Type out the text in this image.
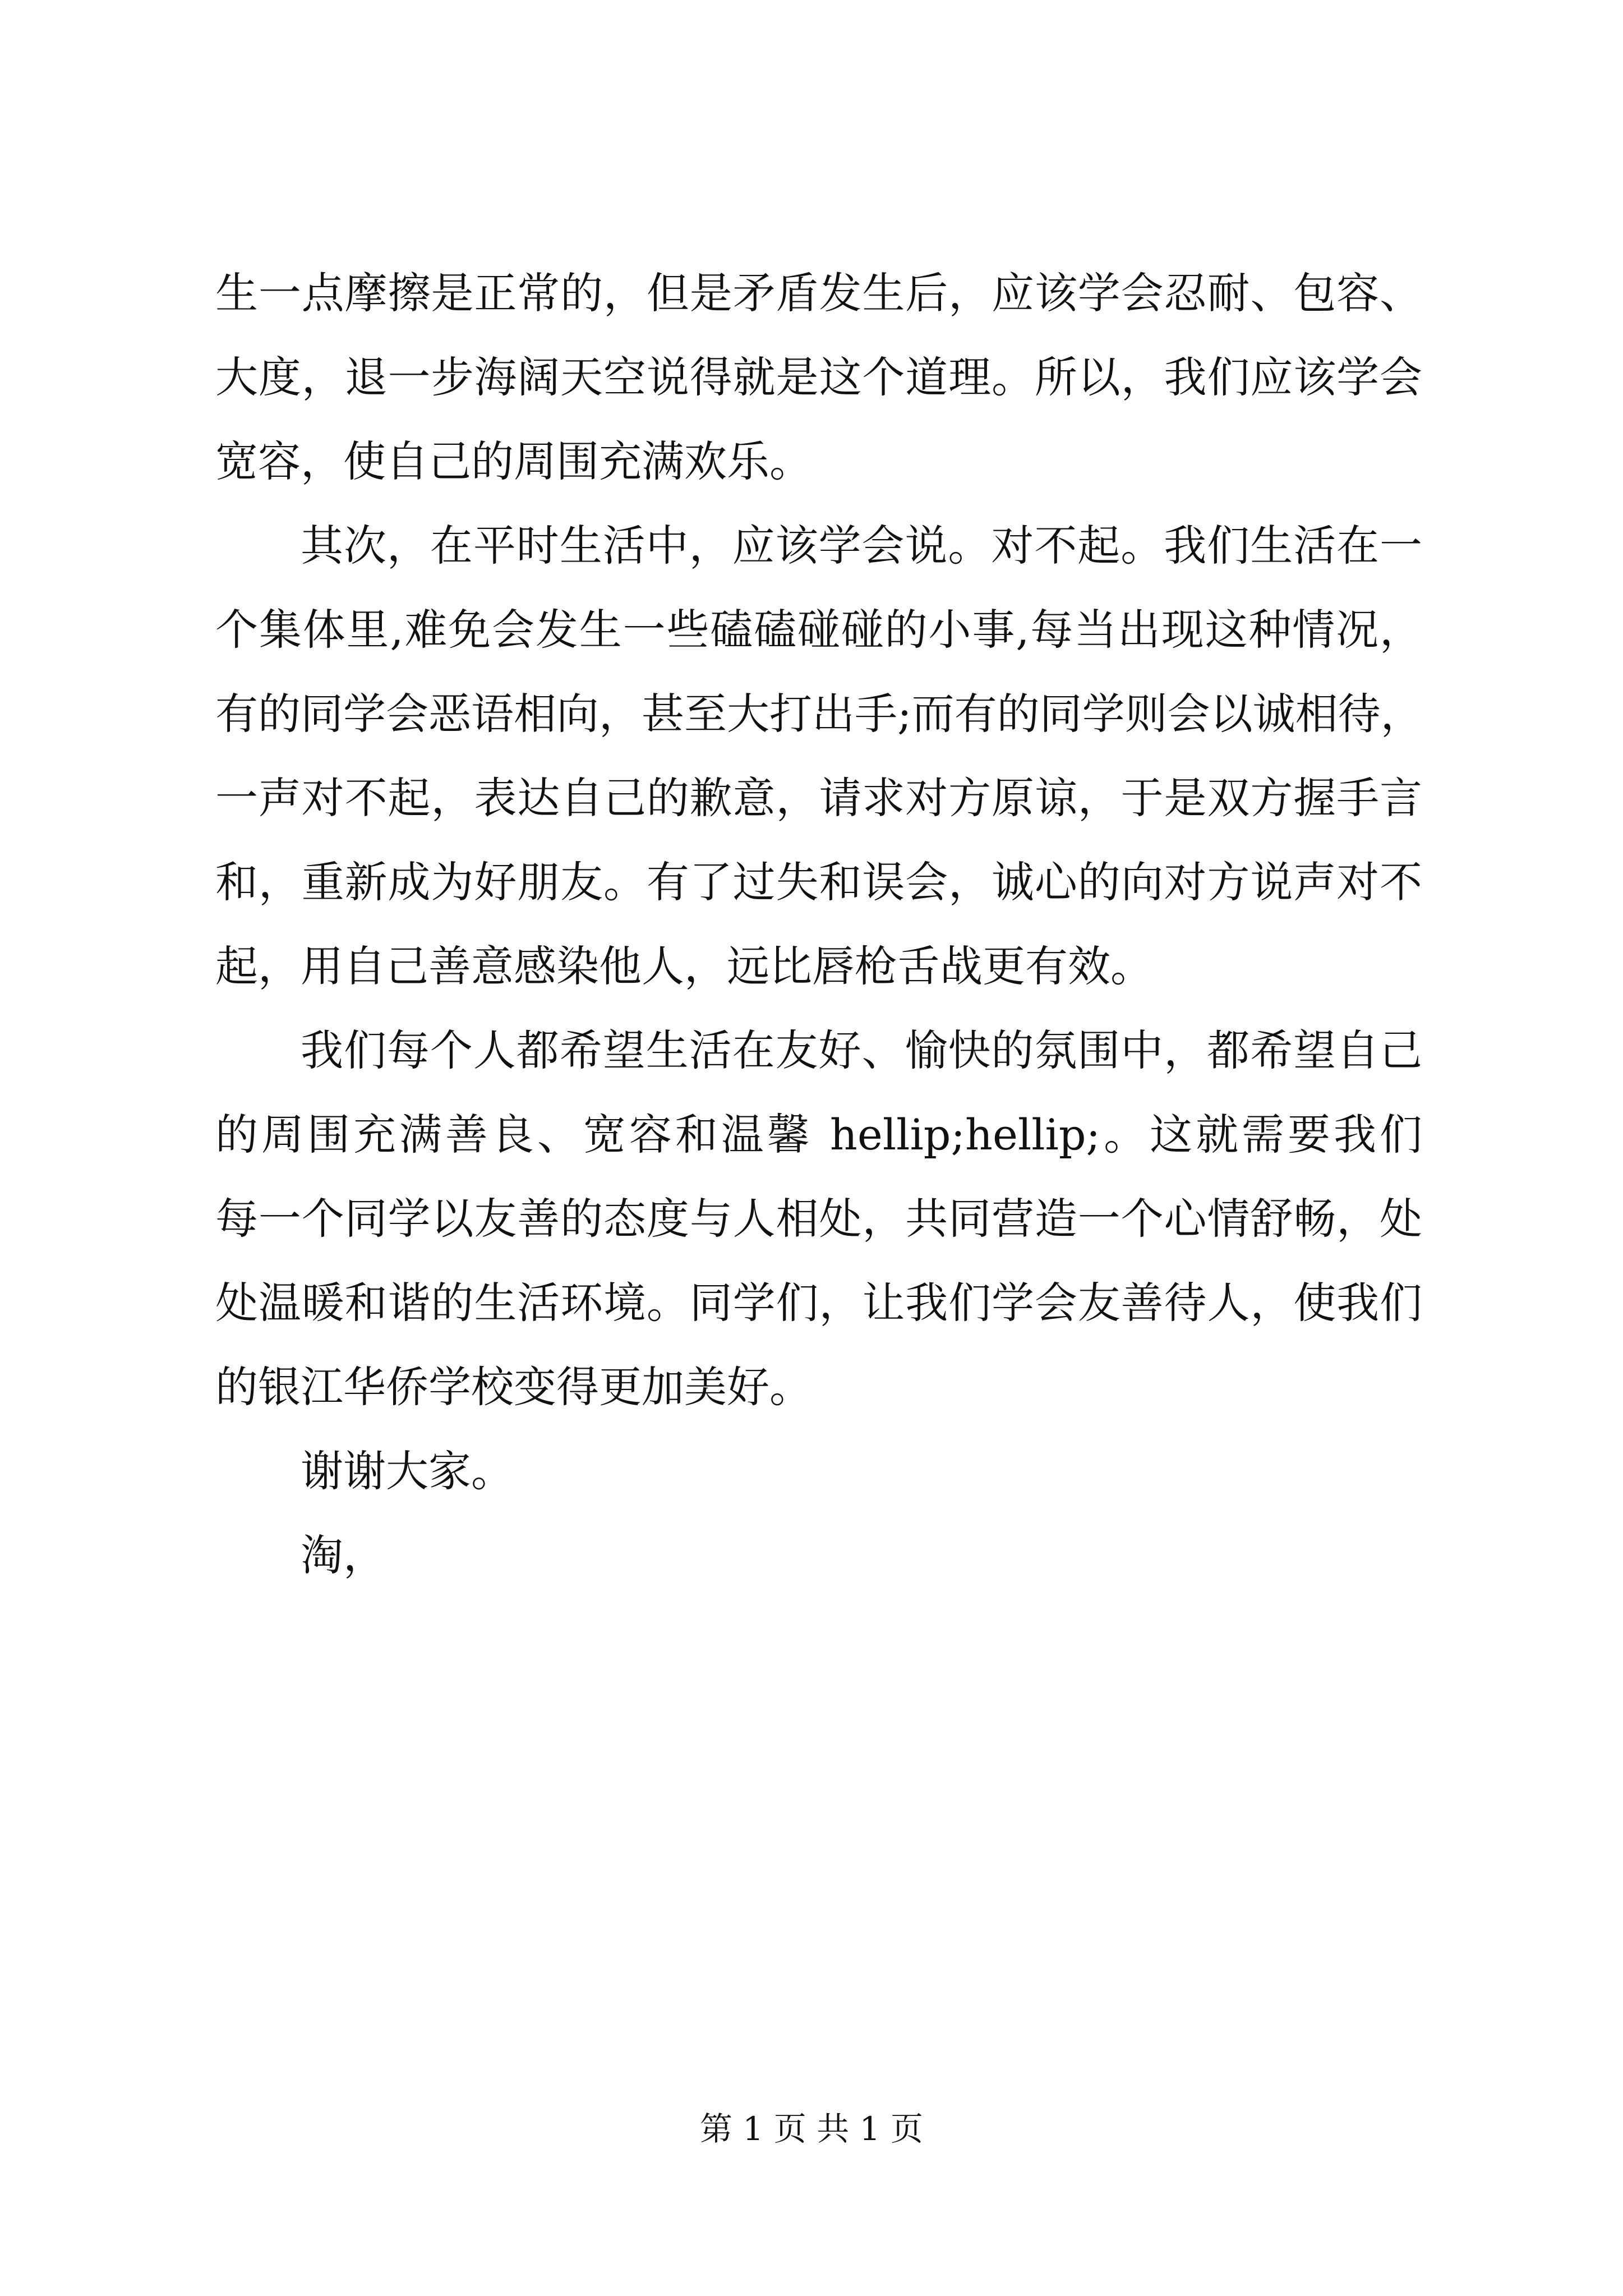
生一点摩擦是正常的，但是矛盾发生后，应该学会忍耐、包容、
大度，退一步海阔天空说得就是这个道理。所以，我们应该学会
宽容，使自己的周围充满欢乐。
其次，在平时生活中，应该学会说。对不起。我们生活在一
个集体里,难免会发生一些磕磕碰碰的小事,每当出现这种情况，
有的同学会恶语相向，甚至大打出手;而有的同学则会以诚相待，
一声对不起，表达自己的歉意，请求对方原谅，于是双方握手言
和，重新成为好朋友。有了过失和误会，诚心的向对方说声对不
起，用自己善意感染他人，远比唇枪舌战更有效。
我们每个人都希望生活在友好、愉快的氛围中，都希望自己
的周围充满善良、宽容和温馨 hellip;hellip;。这就需要我们
每一个同学以友善的态度与人相处，共同营造一个心情舒畅，处
处温暖和谐的生活环境。同学们，让我们学会友善待人，使我们
的银江华侨学校变得更加美好。
谢谢大家。
淘，
第 1 页 共 1 页
